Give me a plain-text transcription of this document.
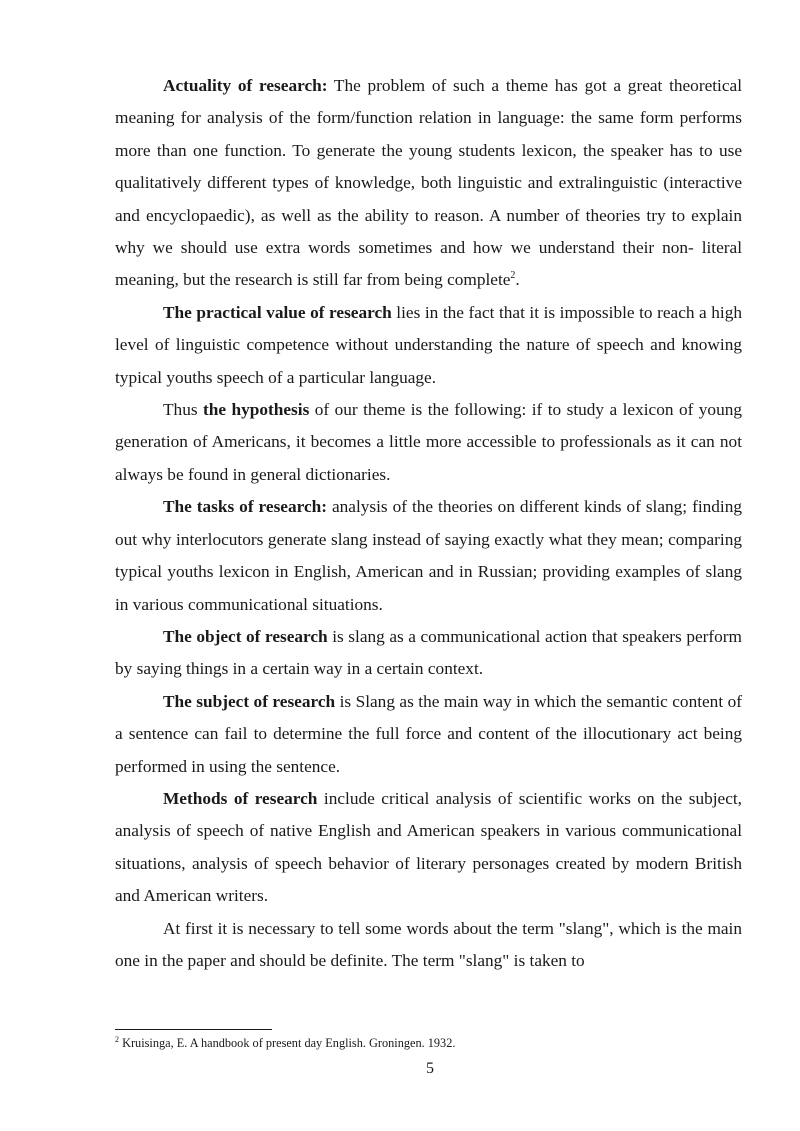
Actuality of research: The problem of such a theme has got a great theoretical meaning for analysis of the form/function relation in language: the same form performs more than one function. To generate the young students lexicon, the speaker has to use qualitatively different types of knowledge, both linguistic and extralinguistic (interactive and encyclopaedic), as well as the ability to reason. A number of theories try to explain why we should use extra words sometimes and how we understand their non- literal meaning, but the research is still far from being complete$^2$.

The practical value of research lies in the fact that it is impossible to reach a high level of linguistic competence without understanding the nature of speech and knowing typical youths speech of a particular language.

Thus the hypothesis of our theme is the following: if to study a lexicon of young generation of Americans, it becomes a little more accessible to professionals as it can not always be found in general dictionaries.

The tasks of research: analysis of the theories on different kinds of slang; finding out why interlocutors generate slang instead of saying exactly what they mean; comparing typical youths lexicon in English, American and in Russian; providing examples of slang in various communicational situations.

The object of research is slang as a communicational action that speakers perform by saying things in a certain way in a certain context.

The subject of research is Slang as the main way in which the semantic content of a sentence can fail to determine the full force and content of the illocutionary act being performed in using the sentence.

Methods of research include critical analysis of scientific works on the subject, analysis of speech of native English and American speakers in various communicational situations, analysis of speech behavior of literary personages created by modern British and American writers.

At first it is necessary to tell some words about the term "slang", which is the main one in the paper and should be definite. The term "slang" is taken to

$^2$ Kruisinga, E. A handbook of present day English. Groningen. 1932.
5
